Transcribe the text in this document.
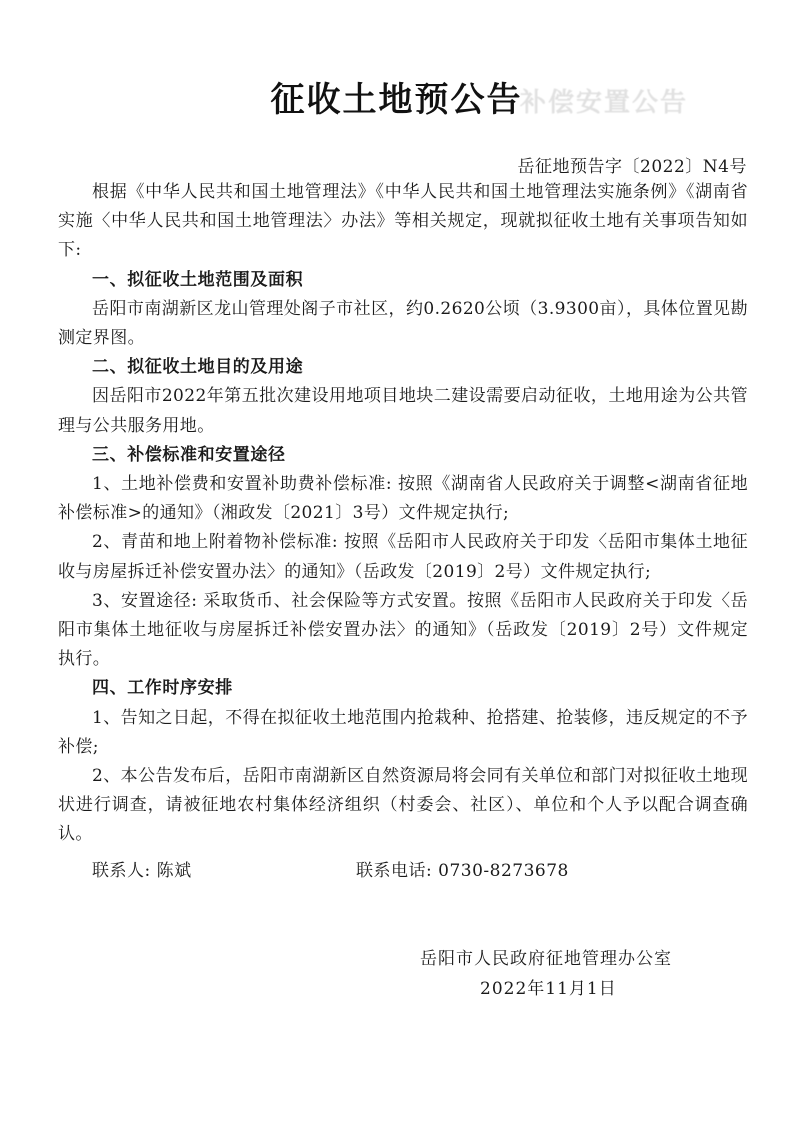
征收土地预公告
补偿安置公告
岳征地预告字〔2022〕N4号

根据《中华人民共和国土地管理法》《中华人民共和国土地管理法实施条例》《湖南省实施〈中华人民共和国土地管理法〉办法》等相关规定，现就拟征收土地有关事项告知如下:

一、拟征收土地范围及面积

岳阳市南湖新区龙山管理处阁子市社区，约0.2620公顷（3.9300亩），具体位置见勘测定界图。

二、拟征收土地目的及用途

因岳阳市2022年第五批次建设用地项目地块二建设需要启动征收，土地用途为公共管理与公共服务用地。

三、补偿标准和安置途径

1、土地补偿费和安置补助费补偿标准: 按照《湖南省人民政府关于调整<湖南省征地补偿标准>的通知》（湘政发〔2021〕3号）文件规定执行;

2、青苗和地上附着物补偿标准: 按照《岳阳市人民政府关于印发〈岳阳市集体土地征收与房屋拆迁补偿安置办法〉的通知》（岳政发〔2019〕2号）文件规定执行;

3、安置途径: 采取货币、社会保险等方式安置。按照《岳阳市人民政府关于印发〈岳阳市集体土地征收与房屋拆迁补偿安置办法〉的通知》（岳政发〔2019〕2号）文件规定执行。

四、工作时序安排

1、告知之日起，不得在拟征收土地范围内抢栽种、抢搭建、抢装修，违反规定的不予补偿;

2、本公告发布后，岳阳市南湖新区自然资源局将会同有关单位和部门对拟征收土地现状进行调查，请被征地农村集体经济组织（村委会、社区）、单位和个人予以配合调查确认。

联系人: 陈斌	联系电话: 0730-8273678
岳阳市人民政府征地管理办公室
2022年11月1日
